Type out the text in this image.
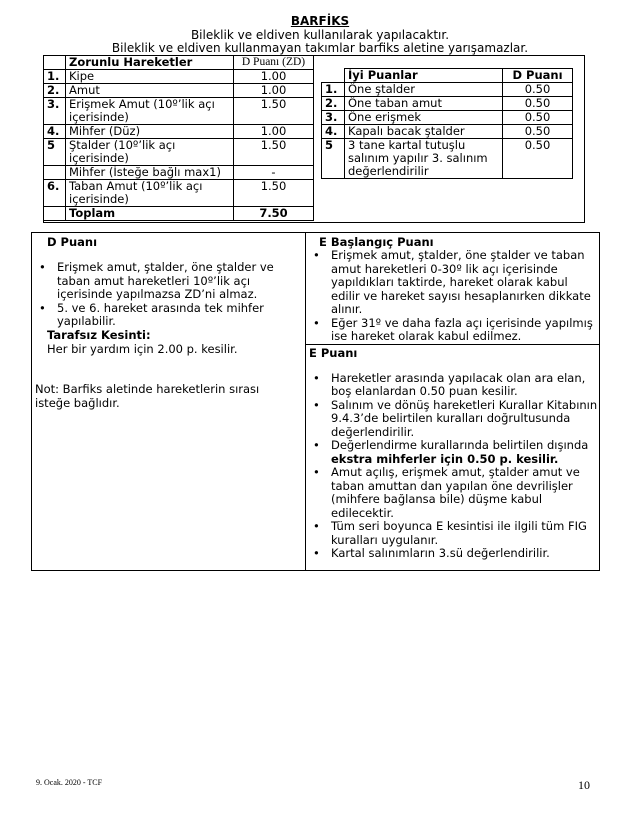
BARFİKS
Bileklik ve eldiven kullanılarak yapılacaktır.
Bileklik ve eldiven kullanmayan takımlar barfiks aletine yarışamazlar.
	Zorunlu Hareketler	D Puanı (ZD)
1.	Kipe	1.00
2.	Amut	1.00
3.	Erişmek Amut (10º’lik açı içerisinde)	1.50
4.	Mihfer (Düz)	1.00
5	Ştalder (10º’lik açı içerisinde)	1.50
	Mihfer (İsteğe bağlı max1)	-
6.	Taban Amut (10º’lik açı içerisinde)	1.50
	Toplam	7.50
	İyi Puanlar	D Puanı
1.	Öne ştalder	0.50
2.	Öne taban amut	0.50
3.	Öne erişmek	0.50
4.	Kapalı bacak ştalder	0.50
5	3 tane kartal tutuşlu salınım yapılır 3. salınım değerlendirilir	0.50
D Puanı
• Erişmek amut, ştalder, öne ştalder ve taban amut hareketleri 10º’lik açı içerisinde yapılmazsa ZD’ni almaz.
• 5. ve 6. hareket arasında tek mihfer yapılabilir.
Tarafsız Kesinti:
Her bir yardım için 2.00 p. kesilir.
Not: Barfiks aletinde hareketlerin sırası isteğe bağlıdır.
E Başlangıç Puanı
• Erişmek amut, ştalder, öne ştalder ve taban amut hareketleri 0-30º lik açı içerisinde yapıldıkları taktirde, hareket olarak kabul edilir ve hareket sayısı hesaplanırken dikkate alınır.
• Eğer 31º ve daha fazla açı içerisinde yapılmış ise hareket olarak kabul edilmez.
E Puanı
• Hareketler arasında yapılacak olan ara elan, boş elanlardan 0.50 puan kesilir.
• Salınım ve dönüş hareketleri Kurallar Kitabının 9.4.3’de belirtilen kuralları doğrultusunda değerlendirilir.
• Değerlendirme kurallarında belirtilen dışında ekstra mihferler için 0.50 p. kesilir.
• Amut açılış, erişmek amut, ştalder amut ve taban amuttan dan yapılan öne devrilişler (mihfere bağlansa bile) düşme kabul edilecektir.
• Tüm seri boyunca E kesintisi ile ilgili tüm FIG kuralları uygulanır.
• Kartal salınımların 3.sü değerlendirilir.
9. Ocak. 2020 - TCF	10
